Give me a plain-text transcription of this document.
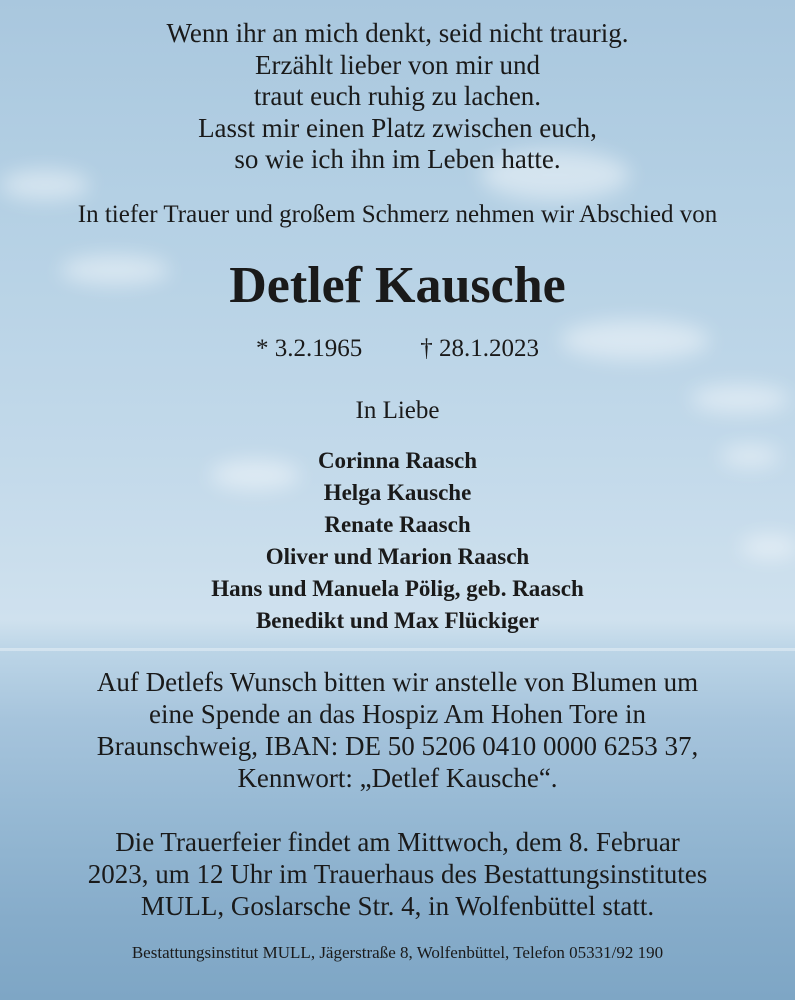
Wenn ihr an mich denkt, seid nicht traurig.
Erzählt lieber von mir und
traut euch ruhig zu lachen.
Lasst mir einen Platz zwischen euch,
so wie ich ihn im Leben hatte.
In tiefer Trauer und großem Schmerz nehmen wir Abschied von
Detlef Kausche
* 3.2.1965 † 28.1.2023
In Liebe
Corinna Raasch
Helga Kausche
Renate Raasch
Oliver und Marion Raasch
Hans und Manuela Pölig, geb. Raasch
Benedikt und Max Flückiger
Auf Detlefs Wunsch bitten wir anstelle von Blumen um
eine Spende an das Hospiz Am Hohen Tore in
Braunschweig, IBAN: DE 50 5206 0410 0000 6253 37,
Kennwort: „Detlef Kausche“.
Die Trauerfeier findet am Mittwoch, dem 8. Februar
2023, um 12 Uhr im Trauerhaus des Bestattungsinstitutes
MULL, Goslarsche Str. 4, in Wolfenbüttel statt.
Bestattungsinstitut MULL, Jägerstraße 8, Wolfenbüttel, Telefon 05331/92 190
